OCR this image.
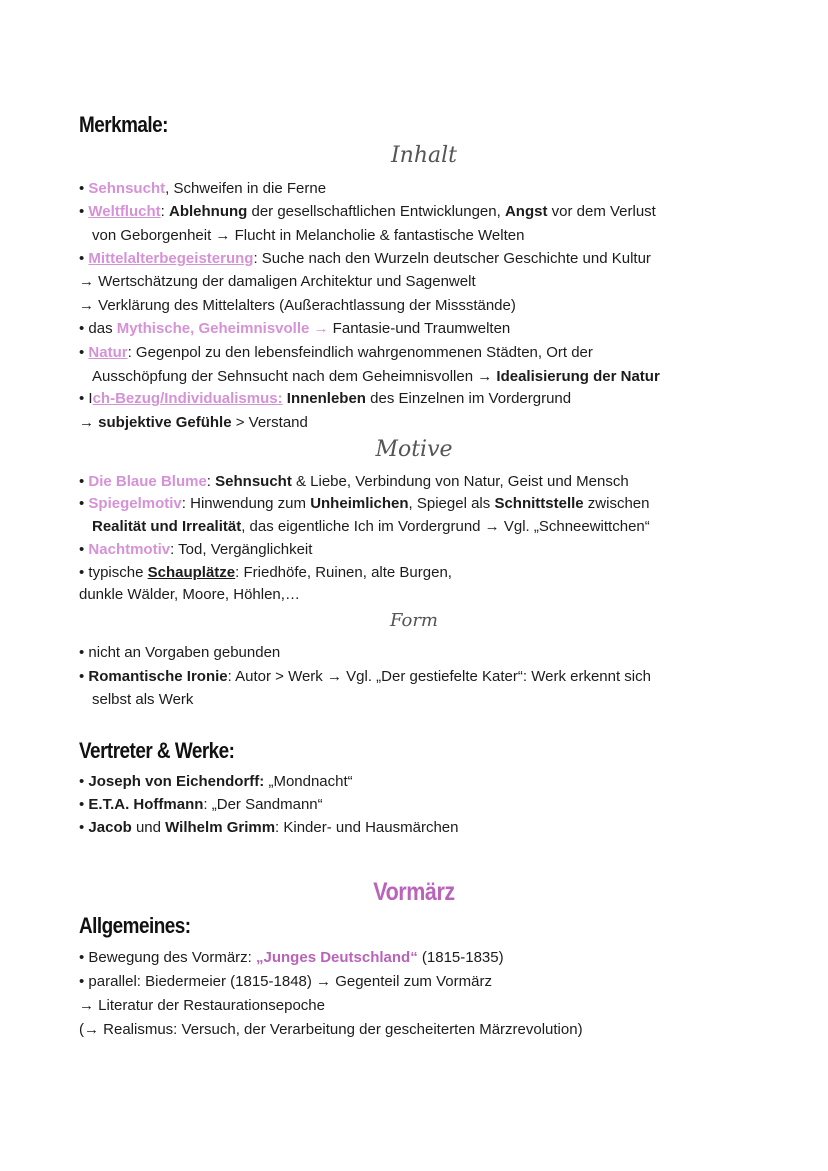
Merkmale:
Inhalt
• Sehnsucht, Schweifen in die Ferne
• Weltflucht: Ablehnung der gesellschaftlichen Entwicklungen, Angst vor dem Verlust
von Geborgenheit → Flucht in Melancholie & fantastische Welten
• Mittelalterbegeisterung: Suche nach den Wurzeln deutscher Geschichte und Kultur
→ Wertschätzung der damaligen Architektur und Sagenwelt
→ Verklärung des Mittelalters (Außerachtlassung der Missstände)
• das Mythische, Geheimnisvolle → Fantasie-und Traumwelten
• Natur: Gegenpol zu den lebensfeindlich wahrgenommenen Städten, Ort der
Ausschöpfung der Sehnsucht nach dem Geheimnisvollen → Idealisierung der Natur
• Ich-Bezug/Individualismus: Innenleben des Einzelnen im Vordergrund
→ subjektive Gefühle > Verstand
Motive
• Die Blaue Blume: Sehnsucht & Liebe, Verbindung von Natur, Geist und Mensch
• Spiegelmotiv: Hinwendung zum Unheimlichen, Spiegel als Schnittstelle zwischen
Realität und Irrealität, das eigentliche Ich im Vordergrund → Vgl. „Schneewittchen“
• Nachtmotiv: Tod, Vergänglichkeit
• typische Schauplätze: Friedhöfe, Ruinen, alte Burgen,
dunkle Wälder, Moore, Höhlen,…
Form
• nicht an Vorgaben gebunden
• Romantische Ironie: Autor > Werk → Vgl. „Der gestiefelte Kater“: Werk erkennt sich
selbst als Werk
Vertreter & Werke:
• Joseph von Eichendorff: „Mondnacht“
• E.T.A. Hoffmann: „Der Sandmann“
• Jacob und Wilhelm Grimm: Kinder- und Hausmärchen
Vormärz
Allgemeines:
• Bewegung des Vormärz: „Junges Deutschland“ (1815-1835)
• parallel: Biedermeier (1815-1848) → Gegenteil zum Vormärz
→ Literatur der Restaurationsepoche
(→ Realismus: Versuch, der Verarbeitung der gescheiterten Märzrevolution)
